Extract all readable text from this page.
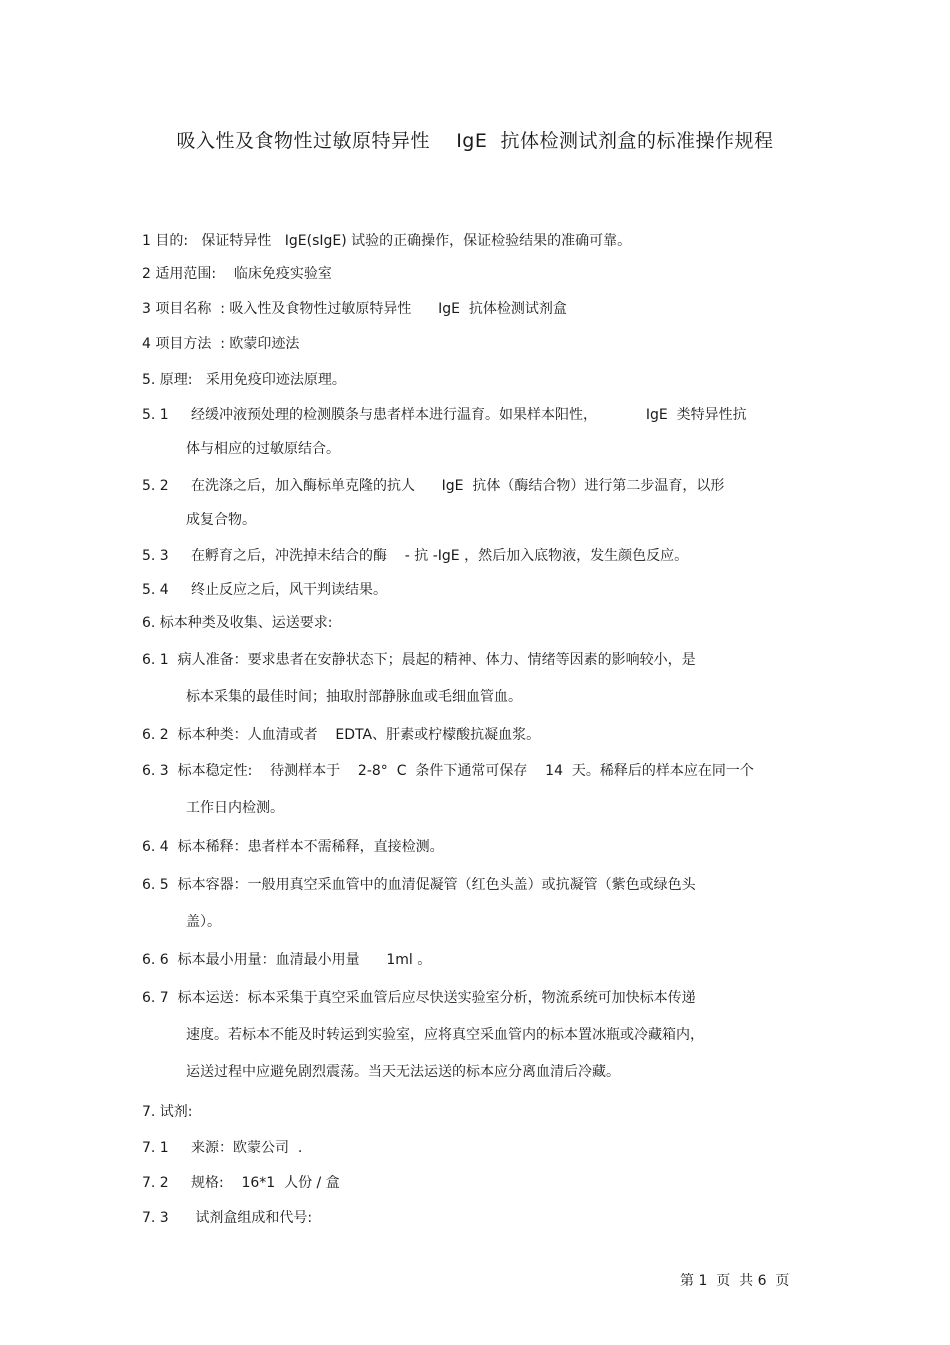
吸入性及食物性过敏原特异性    IgE  抗体检测试剂盒的标准操作规程
1 目的:   保证特异性   IgE(sIgE) 试验的正确操作，保证检验结果的准确可靠。
2 适用范围:    临床免疫实验室
3 项目名称  : 吸入性及食物性过敏原特异性      IgE  抗体检测试剂盒
4 项目方法  : 欧蒙印迹法
5. 原理:   采用免疫印迹法原理。
5. 1     经缓冲液预处理的检测膜条与患者样本进行温育。如果样本阳性，           IgE  类特异性抗
体与相应的过敏原结合。
5. 2     在洗涤之后，加入酶标单克隆的抗人      IgE  抗体（酶结合物）进行第二步温育，以形
成复合物。
5. 3     在孵育之后，冲洗掉未结合的酶    - 抗 -IgE ，然后加入底物液，发生颜色反应。
5. 4     终止反应之后，风干判读结果。
6. 标本种类及收集、运送要求:
6. 1  病人准备：要求患者在安静状态下；晨起的精神、体力、情绪等因素的影响较小，是
标本采集的最佳时间；抽取肘部静脉血或毛细血管血。
6. 2  标本种类：人血清或者    EDTA、肝素或柠檬酸抗凝血浆。
6. 3  标本稳定性:    待测样本于    2-8°  C  条件下通常可保存    14  天。稀释后的样本应在同一个
工作日内检测。
6. 4  标本稀释：患者样本不需稀释，直接检测。
6. 5  标本容器：一般用真空采血管中的血清促凝管（红色头盖）或抗凝管（紫色或绿色头
盖）。
6. 6  标本最小用量：血清最小用量      1ml 。
6. 7  标本运送：标本采集于真空采血管后应尽快送实验室分析，物流系统可加快标本传递
速度。若标本不能及时转运到实验室，应将真空采血管内的标本置冰瓶或冷藏箱内，
运送过程中应避免剧烈震荡。当天无法运送的标本应分离血清后冷藏。
7. 试剂:
7. 1     来源：欧蒙公司  .
7. 2     规格:    16*1  人份 / 盒
7. 3      试剂盒组成和代号:
第 1  页  共 6  页
